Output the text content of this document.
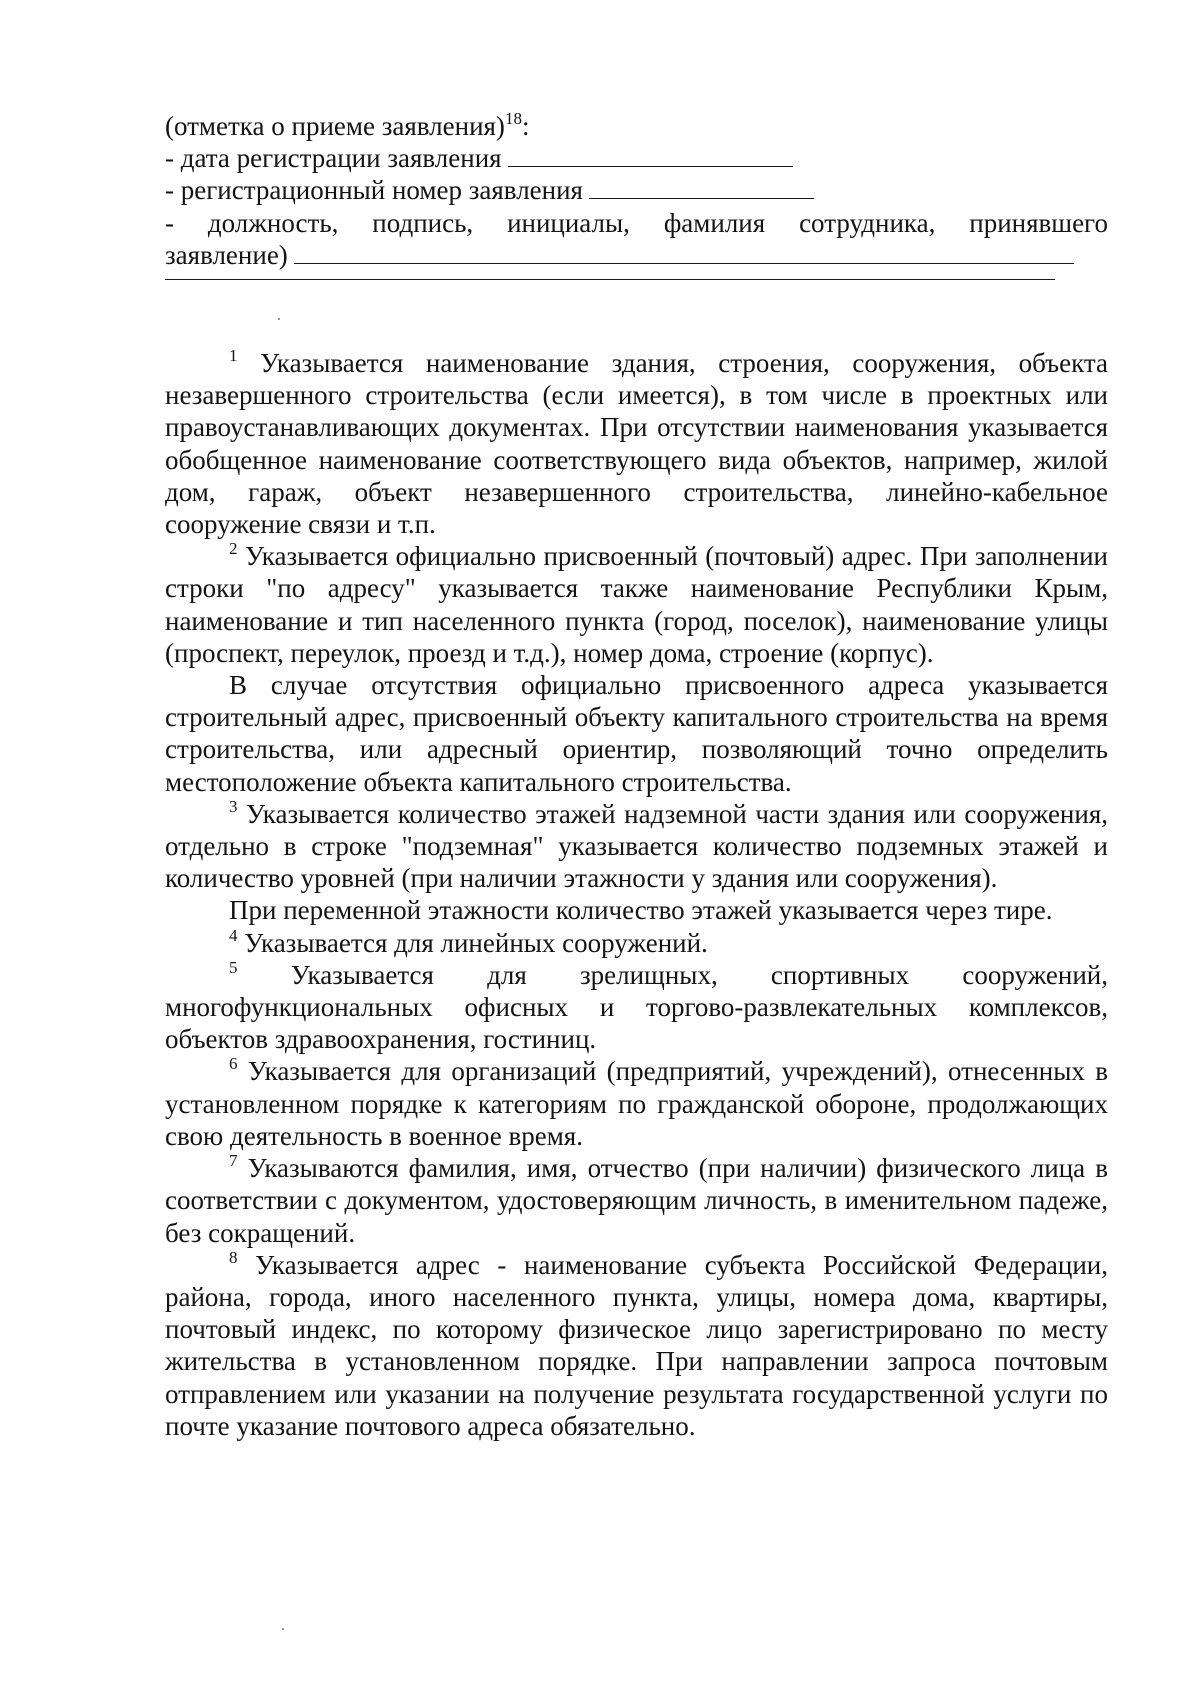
(отметка о приеме заявления)$^{18}$:
- дата регистрации заявления
- регистрационный номер заявления
- должность, подпись, инициалы, фамилия сотрудника, принявшего
заявление)

$^1$ Указывается наименование здания, строения, сооружения, объекта незавершенного строительства (если имеется), в том числе в проектных или правоустанавливающих документах. При отсутствии наименования указывается обобщенное наименование соответствующего вида объектов, например, жилой дом, гараж, объект незавершенного строительства, линейно-кабельное сооружение связи и т.п.

$^2$ Указывается официально присвоенный (почтовый) адрес. При заполнении строки "по адресу" указывается также наименование Республики Крым, наименование и тип населенного пункта (город, поселок), наименование улицы (проспект, переулок, проезд и т.д.), номер дома, строение (корпус).

В случае отсутствия официально присвоенного адреса указывается строительный адрес, присвоенный объекту капитального строительства на время строительства, или адресный ориентир, позволяющий точно определить местоположение объекта капитального строительства.

$^3$ Указывается количество этажей надземной части здания или сооружения, отдельно в строке "подземная" указывается количество подземных этажей и количество уровней (при наличии этажности у здания или сооружения).

При переменной этажности количество этажей указывается через тире.

$^4$ Указывается для линейных сооружений.

$^5$ Указывается для зрелищных, спортивных сооружений, многофункциональных офисных и торгово-развлекательных комплексов, объектов здравоохранения, гостиниц.

$^6$ Указывается для организаций (предприятий, учреждений), отнесенных в установленном порядке к категориям по гражданской обороне, продолжающих свою деятельность в военное время.

$^7$ Указываются фамилия, имя, отчество (при наличии) физического лица в соответствии с документом, удостоверяющим личность, в именительном падеже, без сокращений.

$^8$ Указывается адрес - наименование субъекта Российской Федерации, района, города, иного населенного пункта, улицы, номера дома, квартиры, почтовый индекс, по которому физическое лицо зарегистрировано по месту жительства в установленном порядке. При направлении запроса почтовым отправлением или указании на получение результата государственной услуги по почте указание почтового адреса обязательно.
